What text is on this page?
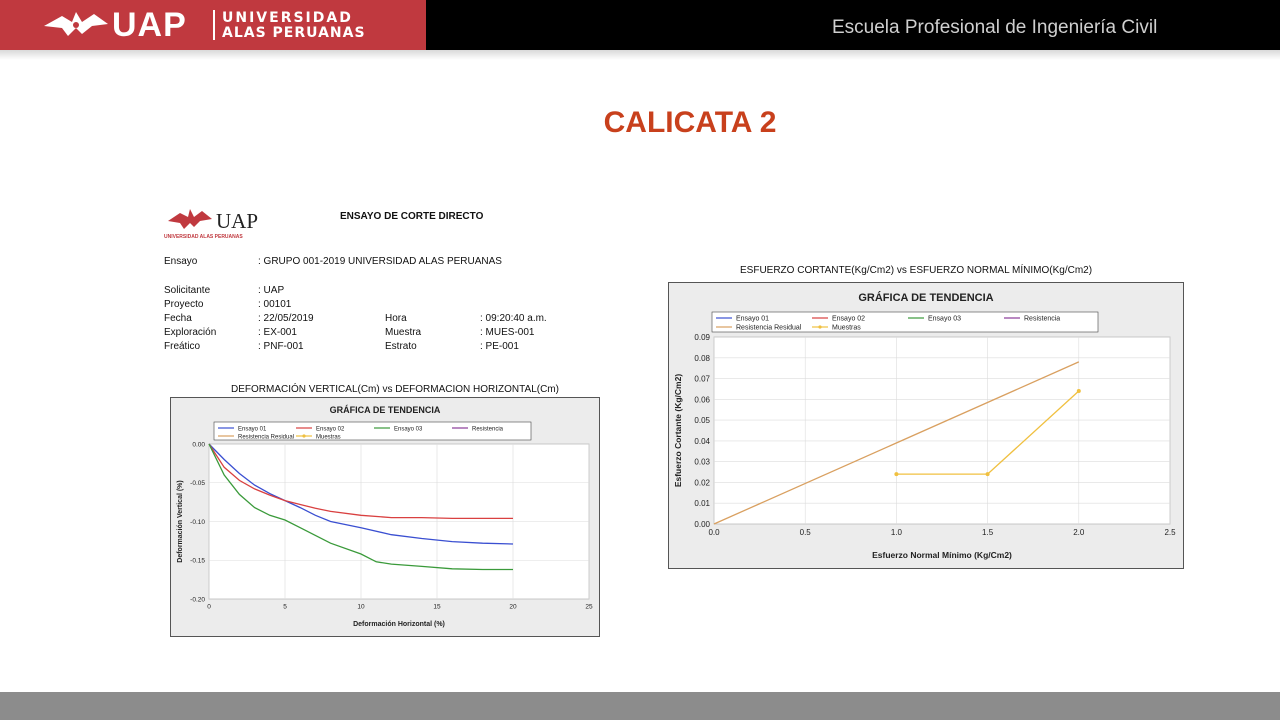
UAP	UNIVERSIDAD
ALAS PERUANAS	Escuela Profesional de Ingeniería Civil
CALICATA 2
UAP
UNIVERSIDAD ALAS PERUANAS
ENSAYO DE CORTE DIRECTO
Ensayo	: GRUPO 001-2019 UNIVERSIDAD ALAS PERUANAS
Solicitante	: UAP
Proyecto	: 00101
Fecha	: 22/05/2019	Hora	: 09:20:40 a.m.
Exploración	: EX-001	Muestra	: MUES-001
Freático	: PNF-001	Estrato	: PE-001
DEFORMACIÓN VERTICAL(Cm) vs DEFORMACION HORIZONTAL(Cm)
GRÁFICA DE TENDENCIA
Ensayo 01	Ensayo 02	Ensayo 03	Resistencia
Resistencia Residual	Muestras
0	5	10	15	20	25
0.00
-0.05
-0.10
-0.15
-0.20
Deformación Horizontal (%)
Deformación Vertical (%)
ESFUERZO CORTANTE(Kg/Cm2) vs ESFUERZO NORMAL MÍNIMO(Kg/Cm2)
GRÁFICA DE TENDENCIA
Ensayo 01	Ensayo 02	Ensayo 03	Resistencia
Resistencia Residual	Muestras
0.0	0.5	1.0	1.5	2.0	2.5
0.00
0.01
0.02
0.03
0.04
0.05
0.06
0.07
0.08
0.09
Esfuerzo Normal Mínimo (Kg/Cm2)
Esfuerzo Cortante (Kg/Cm2)
